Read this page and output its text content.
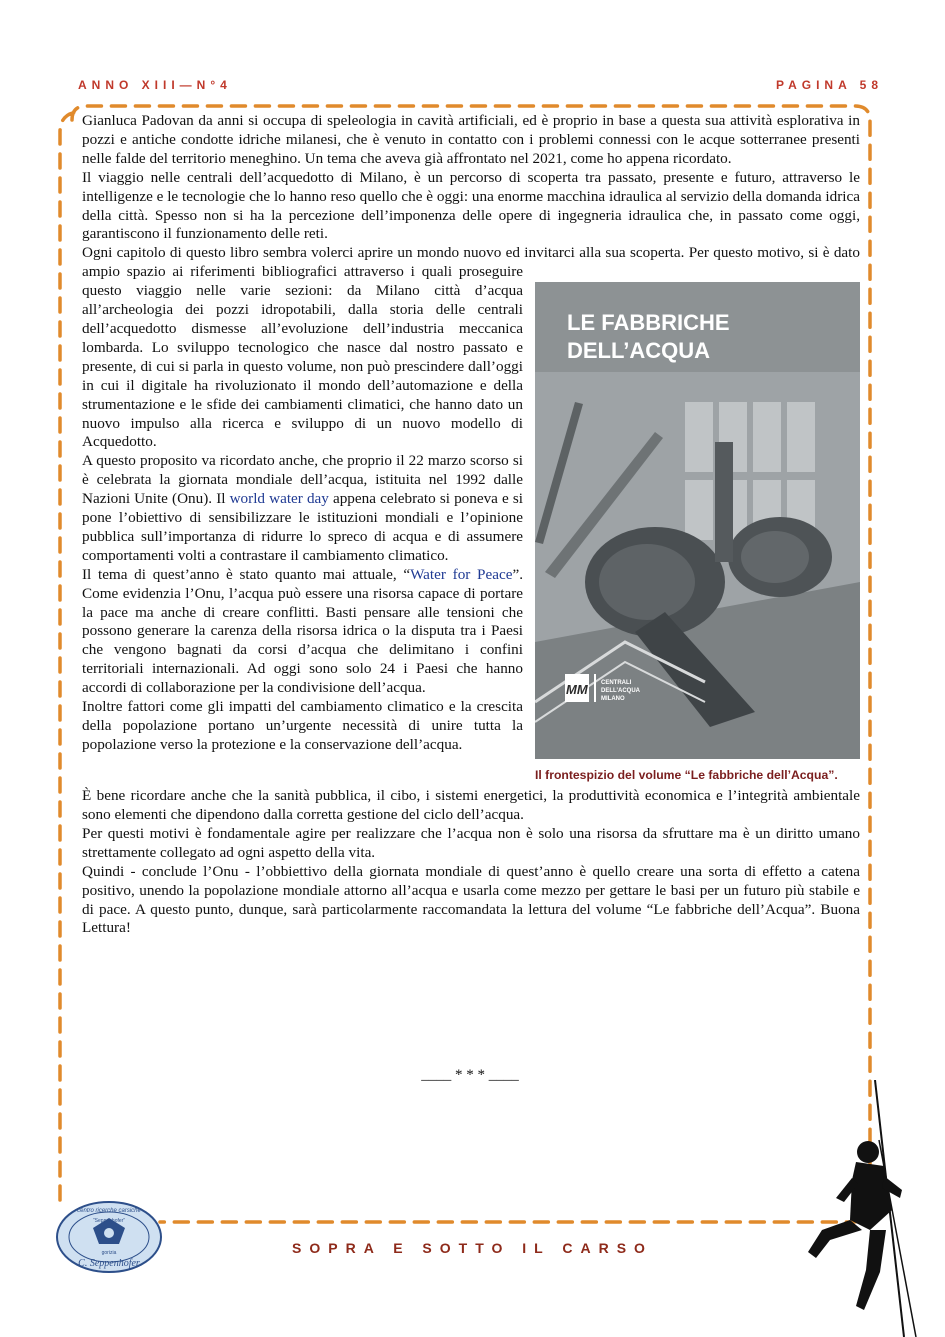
ANNO XIII—N°4	PAGINA 58

Gianluca Padovan da anni si occupa di speleologia in cavità artificiali, ed è proprio in base a questa sua attività esplorativa in pozzi e antiche condotte idriche milanesi, che è venuto in contatto con i problemi connessi con le acque sotterranee presenti nelle falde del territorio meneghino. Un tema che aveva già affrontato nel 2021, come ho appena ricordato.

Il viaggio nelle centrali dell’acquedotto di Milano, è un percorso di scoperta tra passato, presente e futuro, attraverso le intelligenze e le tecnologie che lo hanno reso quello che è oggi: una enorme macchina idraulica al servizio della domanda idrica della città. Spesso non si ha la percezione dell’imponenza delle opere di ingegneria idraulica che, in passato come oggi, garantiscono il funzionamento delle reti.

LE FABBRICHE
DELL’ACQUA
MM CENTRALI
DELL’ACQUA
MILANO
Il frontespizio del volume “Le fabbriche dell’Acqua”.
Ogni capitolo di questo libro sembra volerci aprire un mondo nuovo ed invitarci alla sua scoperta. Per questo motivo, si è dato ampio spazio ai riferimenti bibliografici attraverso i quali proseguire questo viaggio nelle varie sezioni: da Milano città d’acqua all’archeologia dei pozzi idropotabili, dalla storia delle centrali dell’acquedotto dismesse all’evoluzione dell’industria meccanica lombarda. Lo sviluppo tecnologico che nasce dal nostro passato e presente, di cui si parla in questo volume, non può prescindere dall’oggi in cui il digitale ha rivoluzionato il mondo dell’automazione e della strumentazione e le sfide dei cambiamenti climatici, che hanno dato un nuovo impulso alla ricerca e sviluppo di un nuovo modello di Acquedotto.

A questo proposito va ricordato anche, che proprio il 22 marzo scorso si è celebrata la giornata mondiale dell’acqua, istituita nel 1992 dalle Nazioni Unite (Onu). Il world water day appena celebrato si poneva e si pone l’obiettivo di sensibilizzare le istituzioni mondiali e l’opinione pubblica sull’importanza di ridurre lo spreco di acqua e di assumere comportamenti volti a contrastare il cambiamento climatico.

Il tema di quest’anno è stato quanto mai attuale, “Water for Peace”. Come evidenzia l’Onu, l’acqua può essere una risorsa capace di portare la pace ma anche di creare conflitti. Basti pensare alle tensioni che possono generare la carenza della risorsa idrica o la disputa tra i Paesi che vengono bagnati da corsi d’acqua che delimitano i confini territoriali internazionali. Ad oggi sono solo 24 i Paesi che hanno accordi di collaborazione per la condivisione dell’acqua.

Inoltre fattori come gli impatti del cambiamento climatico e la crescita della popolazione portano un’urgente necessità di unire tutta la popolazione verso la protezione e la conservazione dell’acqua.

È bene ricordare anche che la sanità pubblica, il cibo, i sistemi energetici, la produttività economica e l’integrità ambientale sono elementi che dipendono dalla corretta gestione del ciclo dell’acqua.

Per questi motivi è fondamentale agire per realizzare che l’acqua non è solo una risorsa da sfruttare ma è un diritto umano strettamente collegato ad ogni aspetto della vita.

Quindi - conclude l’Onu - l’obbiettivo della giornata mondiale di quest’anno è quello creare una sorta di effetto a catena positivo, unendo la popolazione mondiale attorno all’acqua e usarla come mezzo per gettare le basi per un futuro più stabile e di pace. A questo punto, dunque, sarà particolarmente raccomandata la lettura del volume “Le fabbriche dell’Acqua”. Buona Lettura!

____ * * * ____
SOPRA E SOTTO IL CARSO
centro ricerche carsiche
“Seppenhofer”
gorizia
C. Seppenhofer
